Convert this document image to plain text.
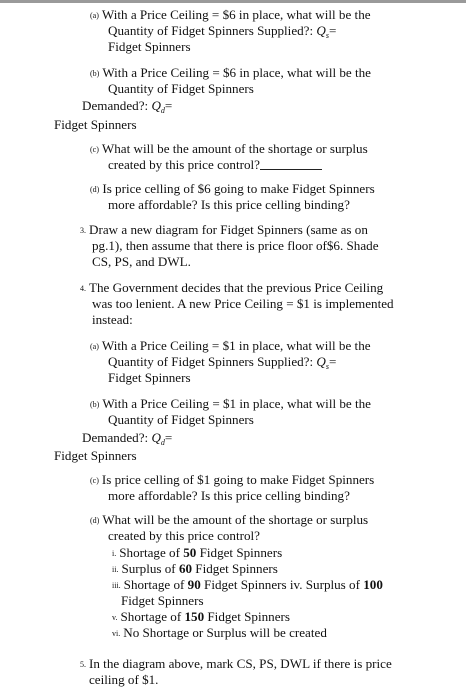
(a) With a Price Ceiling = $6 in place, what will be the
Quantity of Fidget Spinners Supplied?: $Q_s=$
Fidget Spinners
(b) With a Price Ceiling = $6 in place, what will be the
Quantity of Fidget Spinners
Demanded?: $Q_d=$
Fidget Spinners
(c) What will be the amount of the shortage or surplus
created by this price control?
(d) Is price celling of $6 going to make Fidget Spinners
more affordable? Is this price celling binding?
3. Draw a new diagram for Fidget Spinners (same as on
pg.1), then assume that there is price floor of$6. Shade
CS, PS, and DWL.
4. The Government decides that the previous Price Ceiling
was too lenient. A new Price Ceiling = $1 is implemented
instead:
(a) With a Price Ceiling = $1 in place, what will be the
Quantity of Fidget Spinners Supplied?: $Q_s=$
Fidget Spinners
(b) With a Price Ceiling = $1 in place, what will be the
Quantity of Fidget Spinners
Demanded?: $Q_d=$
Fidget Spinners
(c) Is price celling of $1 going to make Fidget Spinners
more affordable? Is this price celling binding?
(d) What will be the amount of the shortage or surplus
created by this price control?
i. Shortage of 50 Fidget Spinners
ii. Surplus of 60 Fidget Spinners
iii. Shortage of 90 Fidget Spinners iv. Surplus of 100
Fidget Spinners
v. Shortage of 150 Fidget Spinners
vi. No Shortage or Surplus will be created
5. In the diagram above, mark CS, PS, DWL if there is price
ceiling of $1.
